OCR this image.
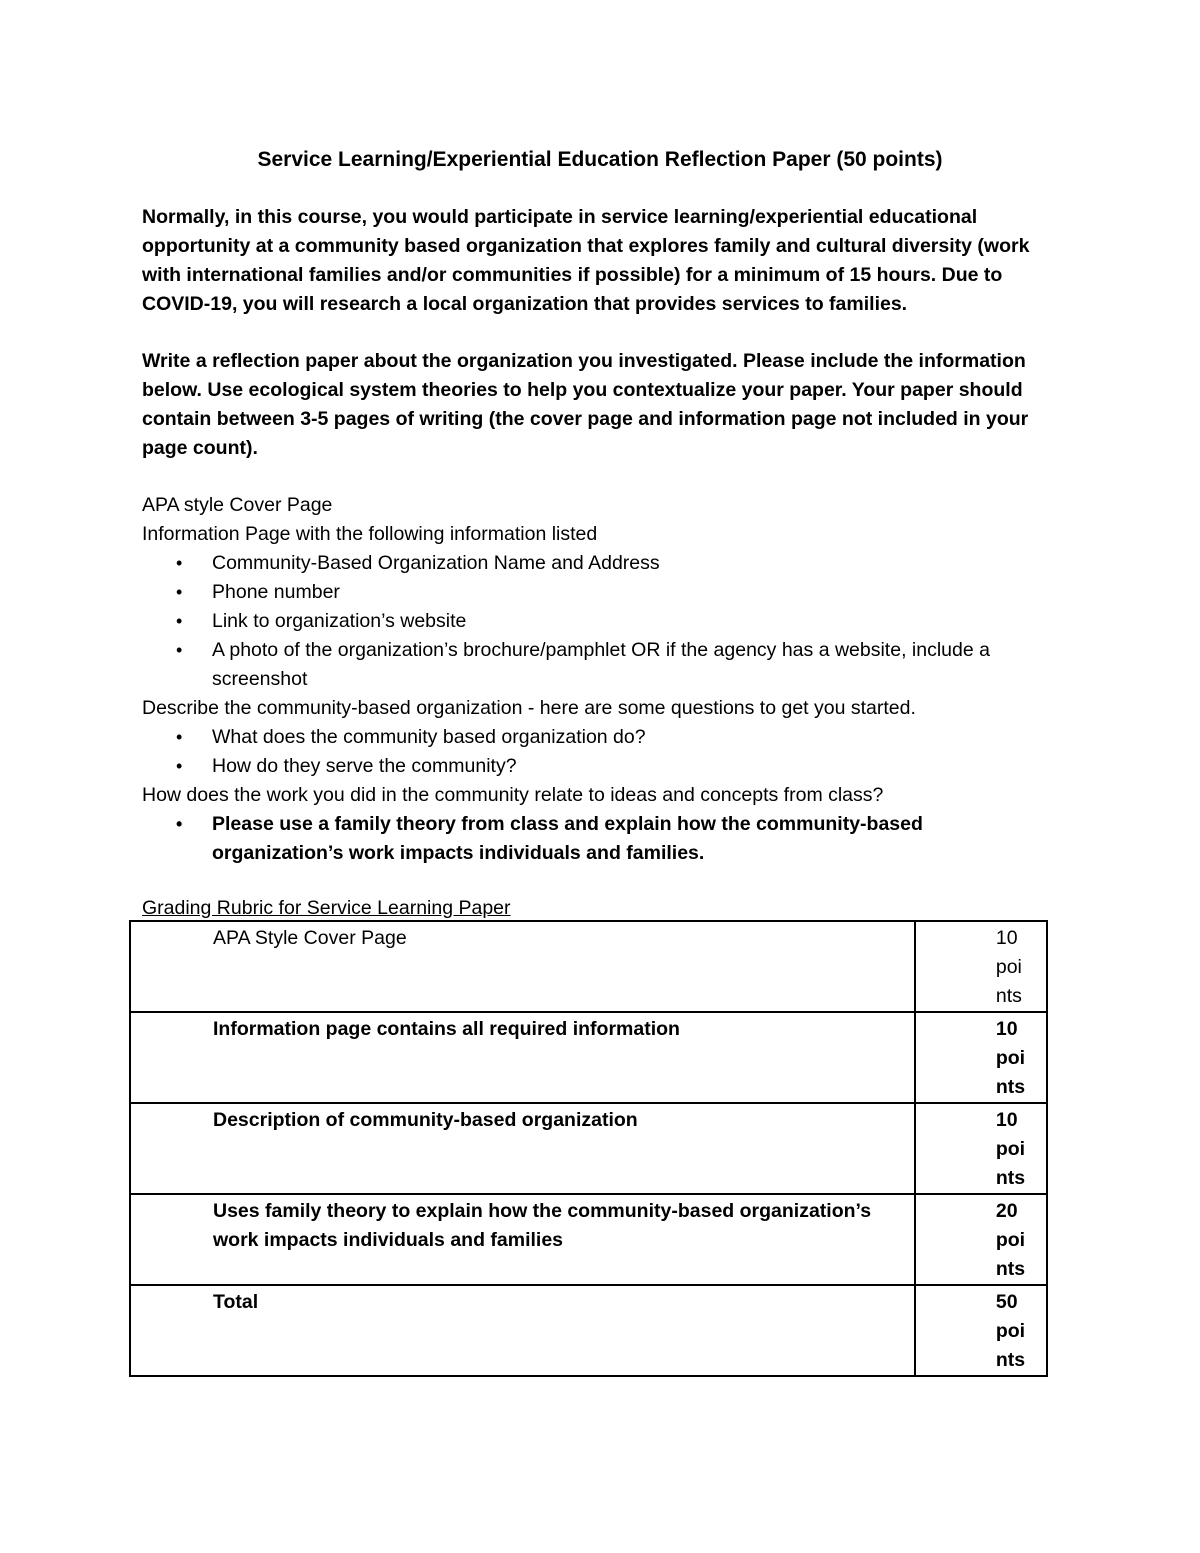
Service Learning/Experiential Education Reflection Paper (50 points)
Normally, in this course, you would participate in service learning/experiential educational opportunity at a community based organization that explores family and cultural diversity (work with international families and/or communities if possible) for a minimum of 15 hours. Due to COVID-19, you will research a local organization that provides services to families.
Write a reflection paper about the organization you investigated. Please include the information below. Use ecological system theories to help you contextualize your paper. Your paper should contain between 3-5 pages of writing (the cover page and information page not included in your page count).
APA style Cover Page
Information Page with the following information listed
•	Community-Based Organization Name and Address
•	Phone number
•	Link to organization’s website
•	A photo of the organization’s brochure/pamphlet OR if the agency has a website, include a screenshot
Describe the community-based organization - here are some questions to get you started.
•	What does the community based organization do?
•	How do they serve the community?
How does the work you did in the community relate to ideas and concepts from class?
•	Please use a family theory from class and explain how the community-based organization’s work impacts individuals and families.
Grading Rubric for Service Learning Paper
APA Style Cover Page	10 points

Information page contains all required information	10 points

Description of community-based organization	10 points

Uses family theory to explain how the community-based organization’s work impacts individuals and families	20 points

Total	50 points
